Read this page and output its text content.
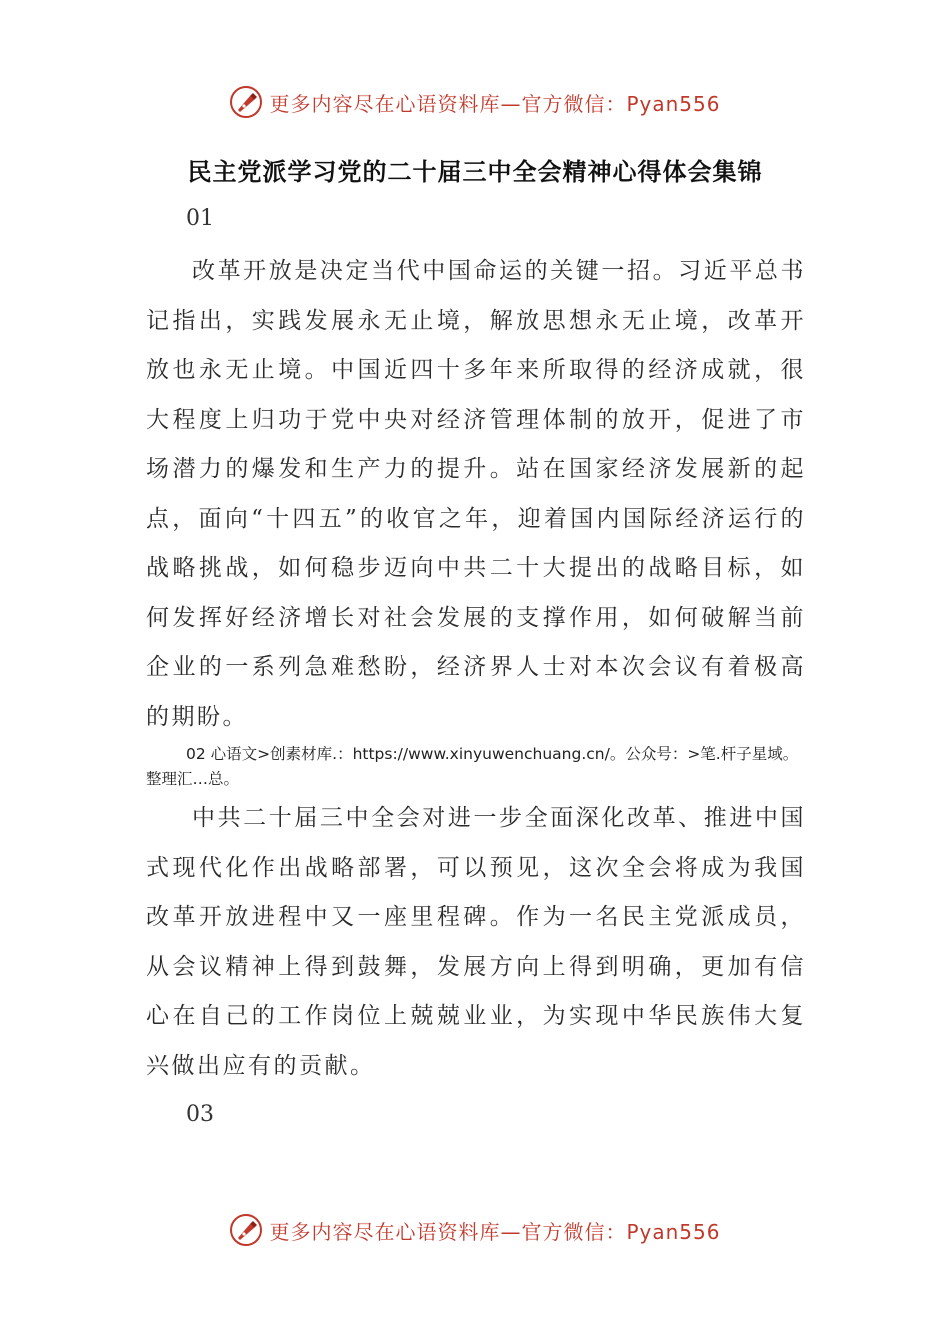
更多内容尽在心语资料库—官方微信：Pyan556
民主党派学习党的二十届三中全会精神心得体会集锦
01

改革开放是决定当代中国命运的关键一招。习近平总书记指出，实践发展永无止境，解放思想永无止境，改革开放也永无止境。中国近四十多年来所取得的经济成就，很大程度上归功于党中央对经济管理体制的放开，促进了市场潜力的爆发和生产力的提升。站在国家经济发展新的起点，面向“十四五”的收官之年，迎着国内国际经济运行的战略挑战，如何稳步迈向中共二十大提出的战略目标，如何发挥好经济增长对社会发展的支撑作用，如何破解当前企业的一系列急难愁盼，经济界人士对本次会议有着极高的期盼。

02 心语文>创素材库.：https://www.xinyuwenchuang.cn/。公众号：>笔.杆子星域。整理汇…总。

中共二十届三中全会对进一步全面深化改革、推进中国式现代化作出战略部署，可以预见，这次全会将成为我国改革开放进程中又一座里程碑。作为一名民主党派成员，从会议精神上得到鼓舞，发展方向上得到明确，更加有信心在自己的工作岗位上兢兢业业，为实现中华民族伟大复兴做出应有的贡献。

03
更多内容尽在心语资料库—官方微信：Pyan556
